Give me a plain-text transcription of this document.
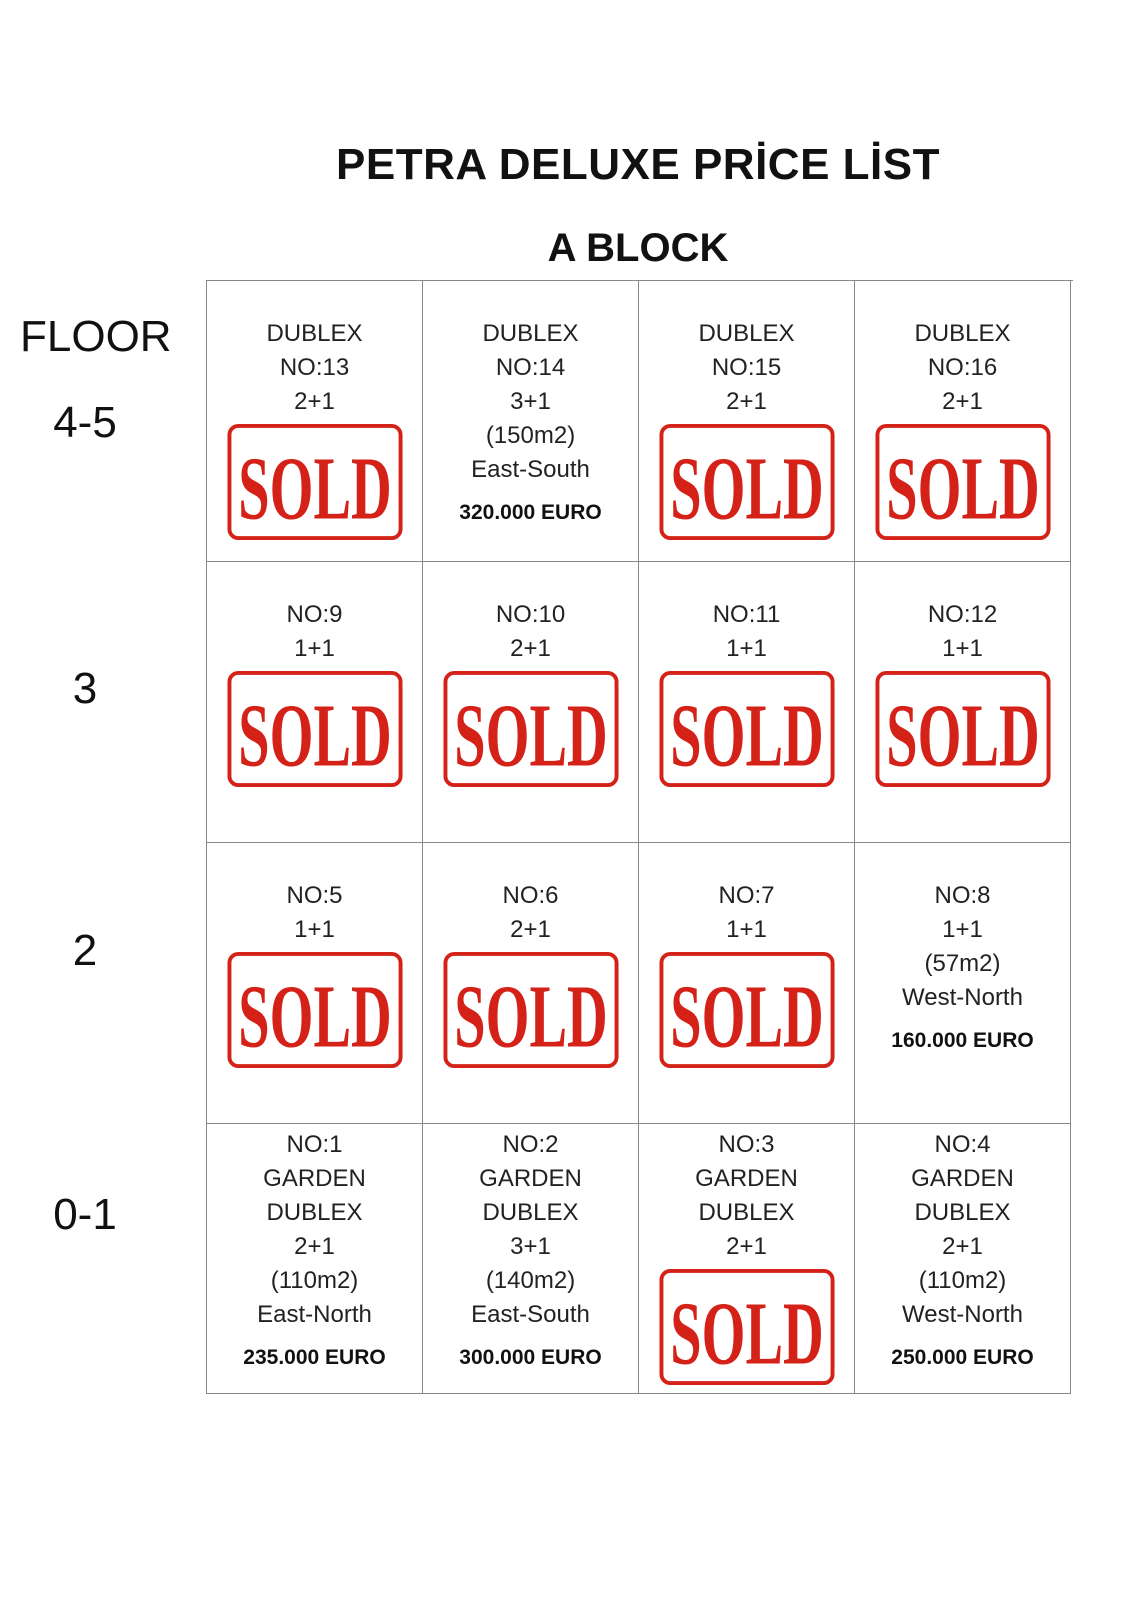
PETRA DELUXE PRİCE LİST
A BLOCK
FLOOR
4-5
3
2
0-1
DUBLEX
NO:13
2+1
SOLD
DUBLEX
NO:14
3+1
(150m2)
East-South
320.000 EURO
DUBLEX
NO:15
2+1
SOLD
DUBLEX
NO:16
2+1
SOLD
NO:9
1+1
SOLD
NO:10
2+1
SOLD
NO:11
1+1
SOLD
NO:12
1+1
SOLD
NO:5
1+1
SOLD
NO:6
2+1
SOLD
NO:7
1+1
SOLD
NO:8
1+1
(57m2)
West-North
160.000 EURO
NO:1
GARDEN
DUBLEX
2+1
(110m2)
East-North
235.000 EURO
NO:2
GARDEN
DUBLEX
3+1
(140m2)
East-South
300.000 EURO
NO:3
GARDEN
DUBLEX
2+1
SOLD
NO:4
GARDEN
DUBLEX
2+1
(110m2)
West-North
250.000 EURO
